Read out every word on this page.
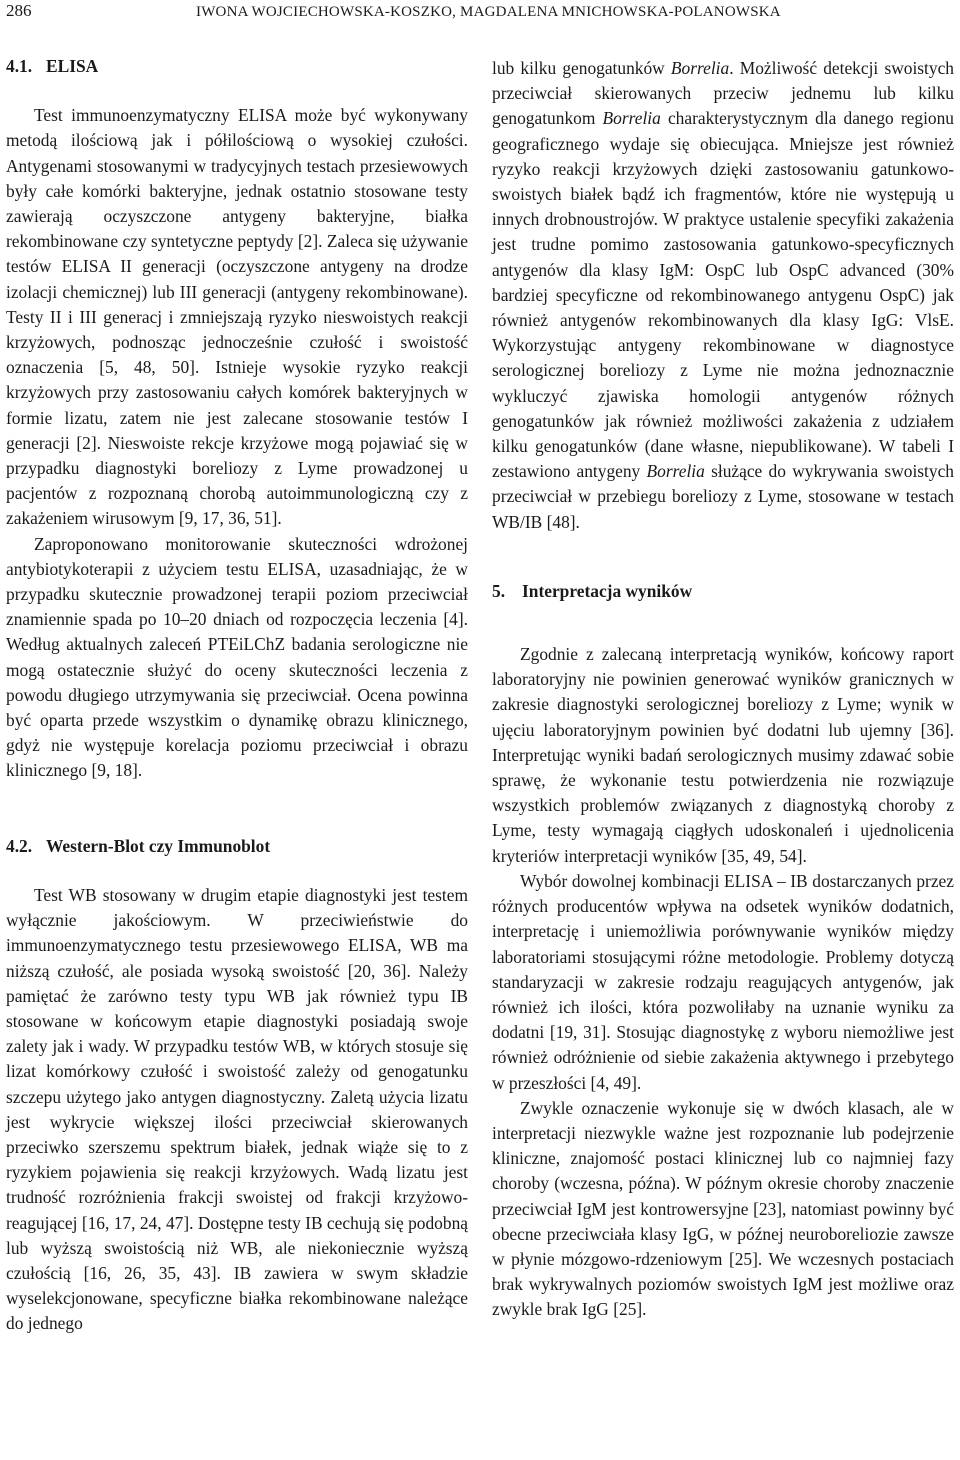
286	IWONA WOJCIECHOWSKA-KOSZKO, MAGDALENA MNICHOWSKA-POLANOWSKA
4.1. ELISA

Test immunoenzymatyczny ELISA może być wykonywany metodą ilościową jak i półilościową o wysokiej czułości. Antygenami stosowanymi w tradycyjnych testach przesiewowych były całe komórki bakteryjne, jednak ostatnio stosowane testy zawierają oczyszczone antygeny bakteryjne, białka rekombinowane czy syntetyczne peptydy [2]. Zaleca się używanie testów ELISA II generacji (oczyszczone antygeny na drodze izolacji chemicznej) lub III generacji (antygeny rekombinowane). Testy II i III generacj i zmniejszają ryzyko nieswoistych reakcji krzyżowych, podnosząc jednocześnie czułość i swoistość oznaczenia [5, 48, 50]. Istnieje wysokie ryzyko reakcji krzyżowych przy zastosowaniu całych komórek bakteryjnych w formie lizatu, zatem nie jest zalecane stosowanie testów I generacji [2]. Nieswoiste rekcje krzyżowe mogą pojawiać się w przypadku diagnostyki boreliozy z Lyme prowadzonej u pacjentów z rozpoznaną chorobą autoimmunologiczną czy z zakażeniem wirusowym [9, 17, 36, 51].

Zaproponowano monitorowanie skuteczności wdrożonej antybiotykoterapii z użyciem testu ELISA, uzasadniając, że w przypadku skutecznie prowadzonej terapii poziom przeciwciał znamiennie spada po 10–20 dniach od rozpoczęcia leczenia [4]. Według aktualnych zaleceń PTEiLChZ badania serologiczne nie mogą ostatecznie służyć do oceny skuteczności leczenia z powodu długiego utrzymywania się przeciwciał. Ocena powinna być oparta przede wszystkim o dynamikę obrazu klinicznego, gdyż nie występuje korelacja poziomu przeciwciał i obrazu klinicznego [9, 18].

4.2. Western-Blot czy Immunoblot

Test WB stosowany w drugim etapie diagnostyki jest testem wyłącznie jakościowym. W przeciwieństwie do immunoenzymatycznego testu przesiewowego ELISA, WB ma niższą czułość, ale posiada wysoką swoistość [20, 36]. Należy pamiętać że zarówno testy typu WB jak również typu IB stosowane w końcowym etapie diagnostyki posiadają swoje zalety jak i wady. W przypadku testów WB, w których stosuje się lizat komórkowy czułość i swoistość zależy od genogatunku szczepu użytego jako antygen diagnostyczny. Zaletą użycia lizatu jest wykrycie większej ilości przeciwciał skierowanych przeciwko szerszemu spektrum białek, jednak wiąże się to z ryzykiem pojawienia się reakcji krzyżowych. Wadą lizatu jest trudność rozróżnienia frakcji swoistej od frakcji krzyżowo-reagującej [16, 17, 24, 47]. Dostępne testy IB cechują się podobną lub wyższą swoistością niż WB, ale niekoniecznie wyższą czułością [16, 26, 35, 43]. IB zawiera w swym składzie wyselekcjonowane, specyficzne białka rekombinowane należące do jednego

lub kilku genogatunków Borrelia. Możliwość detekcji swoistych przeciwciał skierowanych przeciw jednemu lub kilku genogatunkom Borrelia charakterystycznym dla danego regionu geograficznego wydaje się obiecująca. Mniejsze jest również ryzyko reakcji krzyżowych dzięki zastosowaniu gatunkowo-swoistych białek bądź ich fragmentów, które nie występują u innych drobnoustrojów. W praktyce ustalenie specyfiki zakażenia jest trudne pomimo zastosowania gatunkowo-specyficznych antygenów dla klasy IgM: OspC lub OspC advanced (30% bardziej specyficzne od rekombinowanego antygenu OspC) jak również antygenów rekombinowanych dla klasy IgG: VlsE. Wykorzystując antygeny rekombinowane w diagnostyce serologicznej boreliozy z Lyme nie można jednoznacznie wykluczyć zjawiska homologii antygenów różnych genogatunków jak również możliwości zakażenia z udziałem kilku genogatunków (dane własne, niepublikowane). W tabeli I zestawiono antygeny Borrelia służące do wykrywania swoistych przeciwciał w przebiegu boreliozy z Lyme, stosowane w testach WB/IB [48].

5. Interpretacja wyników

Zgodnie z zalecaną interpretacją wyników, końcowy raport laboratoryjny nie powinien generować wyników granicznych w zakresie diagnostyki serologicznej boreliozy z Lyme; wynik w ujęciu laboratoryjnym powinien być dodatni lub ujemny [36]. Interpretując wyniki badań serologicznych musimy zdawać sobie sprawę, że wykonanie testu potwierdzenia nie rozwiązuje wszystkich problemów związanych z diagnostyką choroby z Lyme, testy wymagają ciągłych udoskonaleń i ujednolicenia kryteriów interpretacji wyników [35, 49, 54].

Wybór dowolnej kombinacji ELISA – IB dostarczanych przez różnych producentów wpływa na odsetek wyników dodatnich, interpretację i uniemożliwia porównywanie wyników między laboratoriami stosującymi różne metodologie. Problemy dotyczą standaryzacji w zakresie rodzaju reagujących antygenów, jak również ich ilości, która pozwoliłaby na uznanie wyniku za dodatni [19, 31]. Stosując diagnostykę z wyboru niemożliwe jest również odróżnienie od siebie zakażenia aktywnego i przebytego w przeszłości [4, 49].

Zwykle oznaczenie wykonuje się w dwóch klasach, ale w interpretacji niezwykle ważne jest rozpoznanie lub podejrzenie kliniczne, znajomość postaci klinicznej lub co najmniej fazy choroby (wczesna, późna). W późnym okresie choroby znaczenie przeciwciał IgM jest kontrowersyjne [23], natomiast powinny być obecne przeciwciała klasy IgG, w późnej neuroboreliozie zawsze w płynie mózgowo-rdzeniowym [25]. We wczesnych postaciach brak wykrywalnych poziomów swoistych IgM jest możliwe oraz zwykle brak IgG [25].
